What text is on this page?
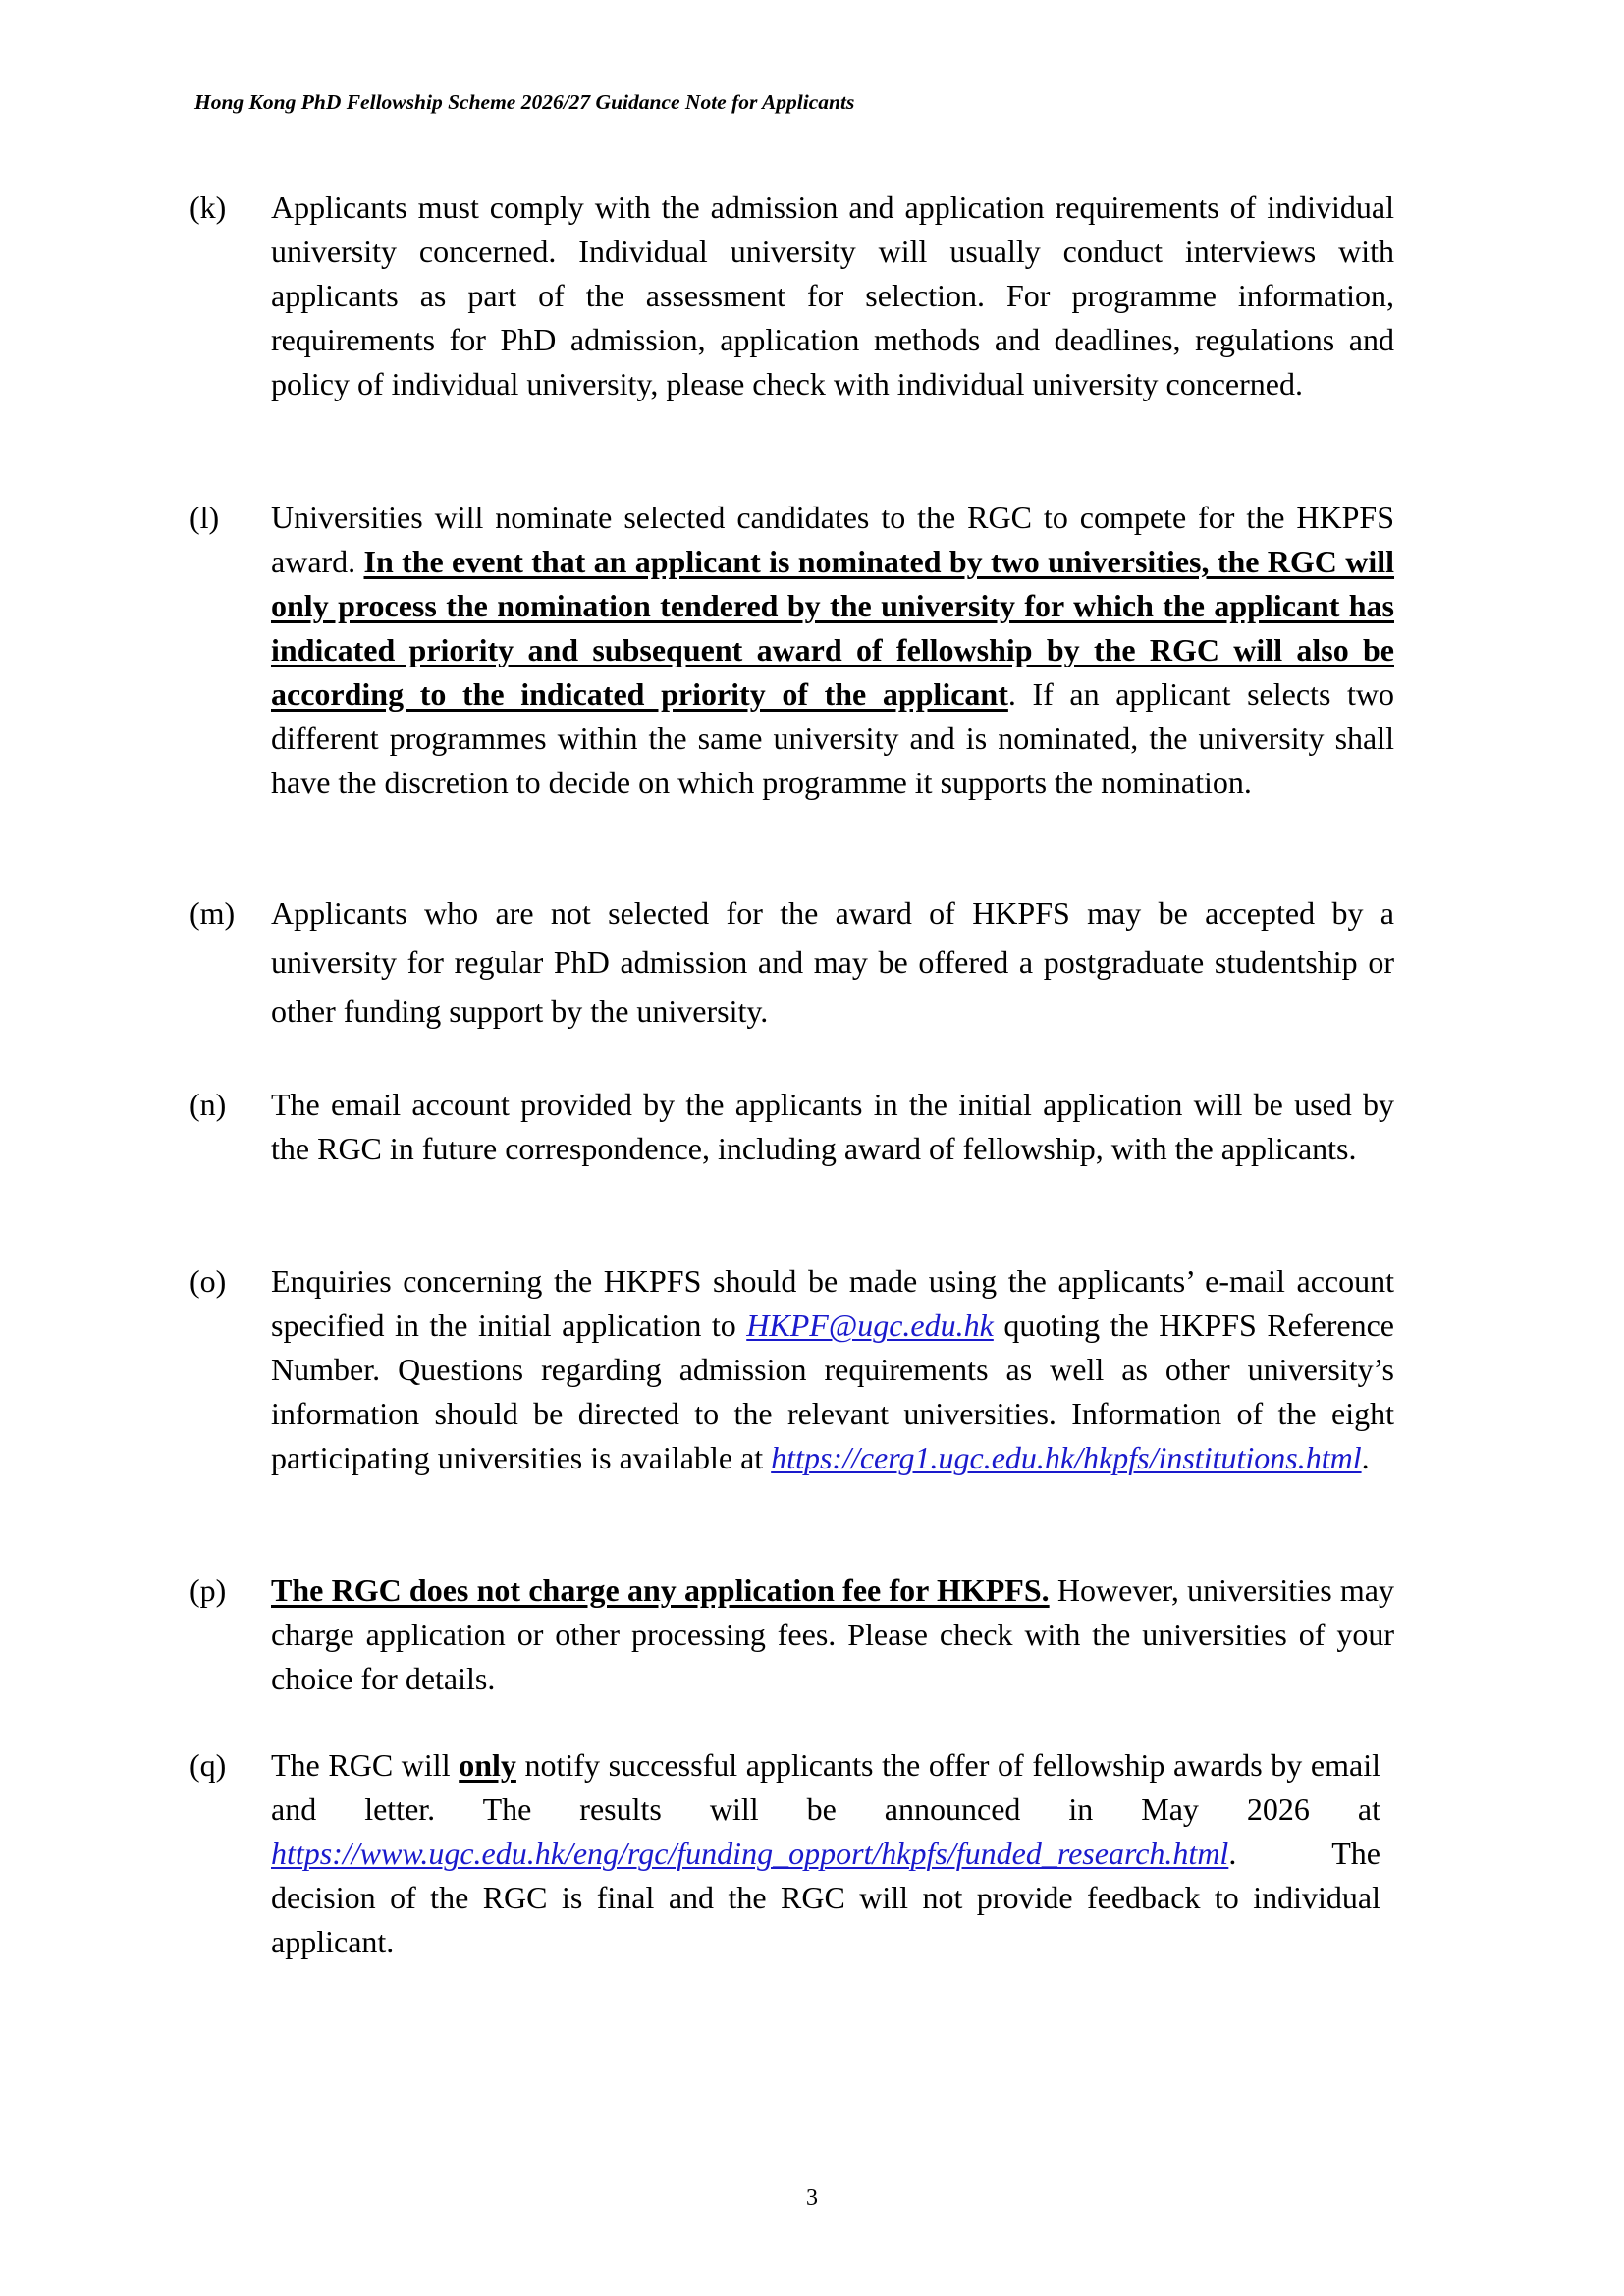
Hong Kong PhD Fellowship Scheme 2026/27 Guidance Note for Applicants
(k)	Applicants must comply with the admission and application requirements of individual university concerned. Individual university will usually conduct interviews with applicants as part of the assessment for selection. For programme information, requirements for PhD admission, application methods and deadlines, regulations and policy of individual university, please check with individual university concerned.
(l)	Universities will nominate selected candidates to the RGC to compete for the HKPFS award. In the event that an applicant is nominated by two universities, the RGC will only process the nomination tendered by the university for which the applicant has indicated priority and subsequent award of fellowship by the RGC will also be according to the indicated priority of the applicant. If an applicant selects two different programmes within the same university and is nominated, the university shall have the discretion to decide on which programme it supports the nomination.
(m)	Applicants who are not selected for the award of HKPFS may be accepted by a university for regular PhD admission and may be offered a postgraduate studentship or other funding support by the university.
(n)	The email account provided by the applicants in the initial application will be used by the RGC in future correspondence, including award of fellowship, with the applicants.
(o)	Enquiries concerning the HKPFS should be made using the applicants’ e-mail account specified in the initial application to HKPF@ugc.edu.hk quoting the HKPFS Reference Number. Questions regarding admission requirements as well as other university’s information should be directed to the relevant universities. Information of the eight participating universities is available at https://cerg1.ugc.edu.hk/hkpfs/institutions.html.
(p)	The RGC does not charge any application fee for HKPFS. However, universities may charge application or other processing fees. Please check with the universities of your choice for details.
(q)	The RGC will only notify successful applicants the offer of fellowship awards by email and letter. The results will be announced in May 2026 at https://www.ugc.edu.hk/eng/rgc/funding_opport/hkpfs/funded_research.html. The decision of the RGC is final and the RGC will not provide feedback to individual applicant.
3
